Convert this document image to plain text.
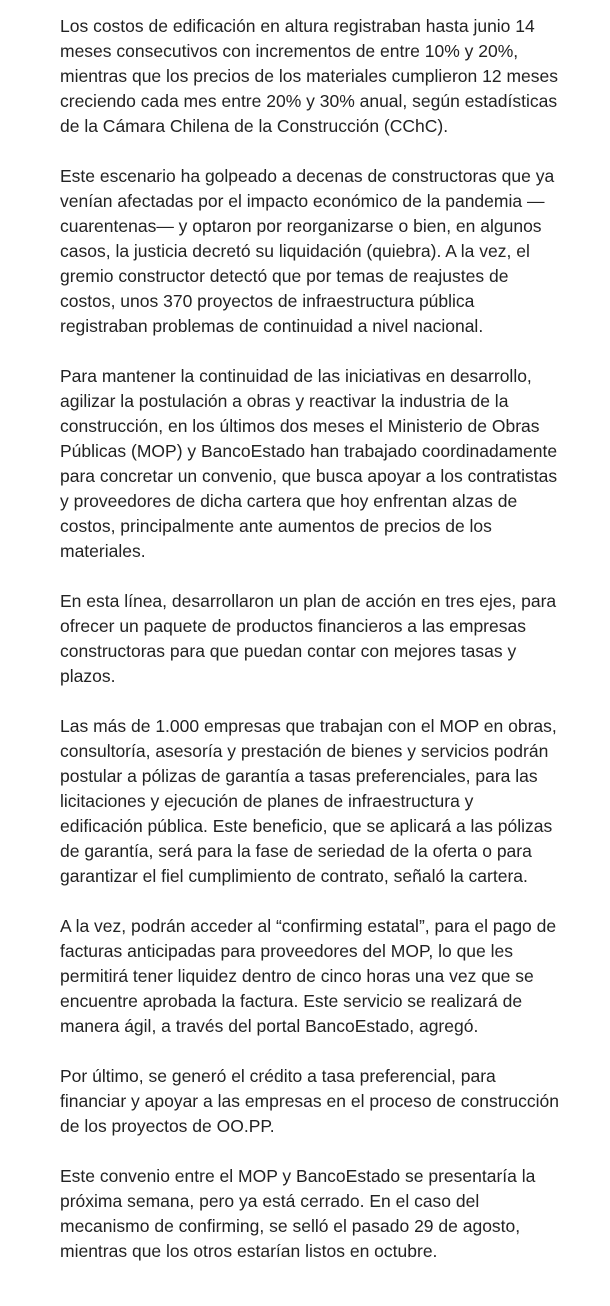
Los costos de edificación en altura registraban hasta junio 14 meses consecutivos con incrementos de entre 10% y 20%, mientras que los precios de los materiales cumplieron 12 meses creciendo cada mes entre 20% y 30% anual, según estadísticas de la Cámara Chilena de la Construcción (CChC).

Este escenario ha golpeado a decenas de constructoras que ya venían afectadas por el impacto económico de la pandemia —cuarentenas— y optaron por reorganizarse o bien, en algunos casos, la justicia decretó su liquidación (quiebra). A la vez, el gremio constructor detectó que por temas de reajustes de costos, unos 370 proyectos de infraestructura pública registraban problemas de continuidad a nivel nacional.

Para mantener la continuidad de las iniciativas en desarrollo, agilizar la postulación a obras y reactivar la industria de la construcción, en los últimos dos meses el Ministerio de Obras Públicas (MOP) y BancoEstado han trabajado coordinadamente para concretar un convenio, que busca apoyar a los contratistas y proveedores de dicha cartera que hoy enfrentan alzas de costos, principalmente ante aumentos de precios de los materiales.

En esta línea, desarrollaron un plan de acción en tres ejes, para ofrecer un paquete de productos financieros a las empresas constructoras para que puedan contar con mejores tasas y plazos.

Las más de 1.000 empresas que trabajan con el MOP en obras, consultoría, asesoría y prestación de bienes y servicios podrán postular a pólizas de garantía a tasas preferenciales, para las licitaciones y ejecución de planes de infraestructura y edificación pública. Este beneficio, que se aplicará a las pólizas de garantía, será para la fase de seriedad de la oferta o para garantizar el fiel cumplimiento de contrato, señaló la cartera.

A la vez, podrán acceder al “confirming estatal”, para el pago de facturas anticipadas para proveedores del MOP, lo que les permitirá tener liquidez dentro de cinco horas una vez que se encuentre aprobada la factura. Este servicio se realizará de manera ágil, a través del portal BancoEstado, agregó.

Por último, se generó el crédito a tasa preferencial, para financiar y apoyar a las empresas en el proceso de construcción de los proyectos de OO.PP.

Este convenio entre el MOP y BancoEstado se presentaría la próxima semana, pero ya está cerrado. En el caso del mecanismo de confirming, se selló el pasado 29 de agosto, mientras que los otros estarían listos en octubre.
